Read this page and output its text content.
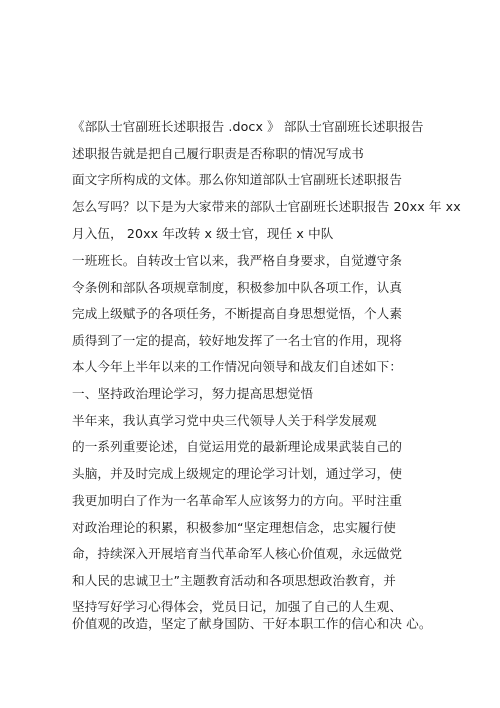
《部队士官副班长述职报告 .docx 》 部队士官副班长述职报告
述职报告就是把自己履行职责是否称职的情况写成书
面文字所构成的文体。那么你知道部队士官副班长述职报告
怎么写吗？以下是为大家带来的部队士官副班长述职报告 20xx 年 xx
月入伍， 20xx 年改转 x 级士官，现任 x 中队
一班班长。自转改士官以来，我严格自身要求，自觉遵守条
令条例和部队各项规章制度，积极参加中队各项工作，认真
完成上级赋予的各项任务，不断提高自身思想觉悟，个人素
质得到了一定的提高，较好地发挥了一名士官的作用，现将
本人今年上半年以来的工作情况向领导和战友们自述如下：
一、坚持政治理论学习，努力提高思想觉悟
半年来，我认真学习党中央三代领导人关于科学发展观
的一系列重要论述，自觉运用党的最新理论成果武装自己的
头脑，并及时完成上级规定的理论学习计划，通过学习，使
我更加明白了作为一名革命军人应该努力的方向。平时注重
对政治理论的积累，积极参加“坚定理想信念，忠实履行使
命，持续深入开展培育当代革命军人核心价值观，永远做党
和人民的忠诚卫士”主题教育活动和各项思想政治教育，并
坚持写好学习心得体会，党员日记，加强了自己的人生观、
价值观的改造，坚定了献身国防、干好本职工作的信心和决 心。
